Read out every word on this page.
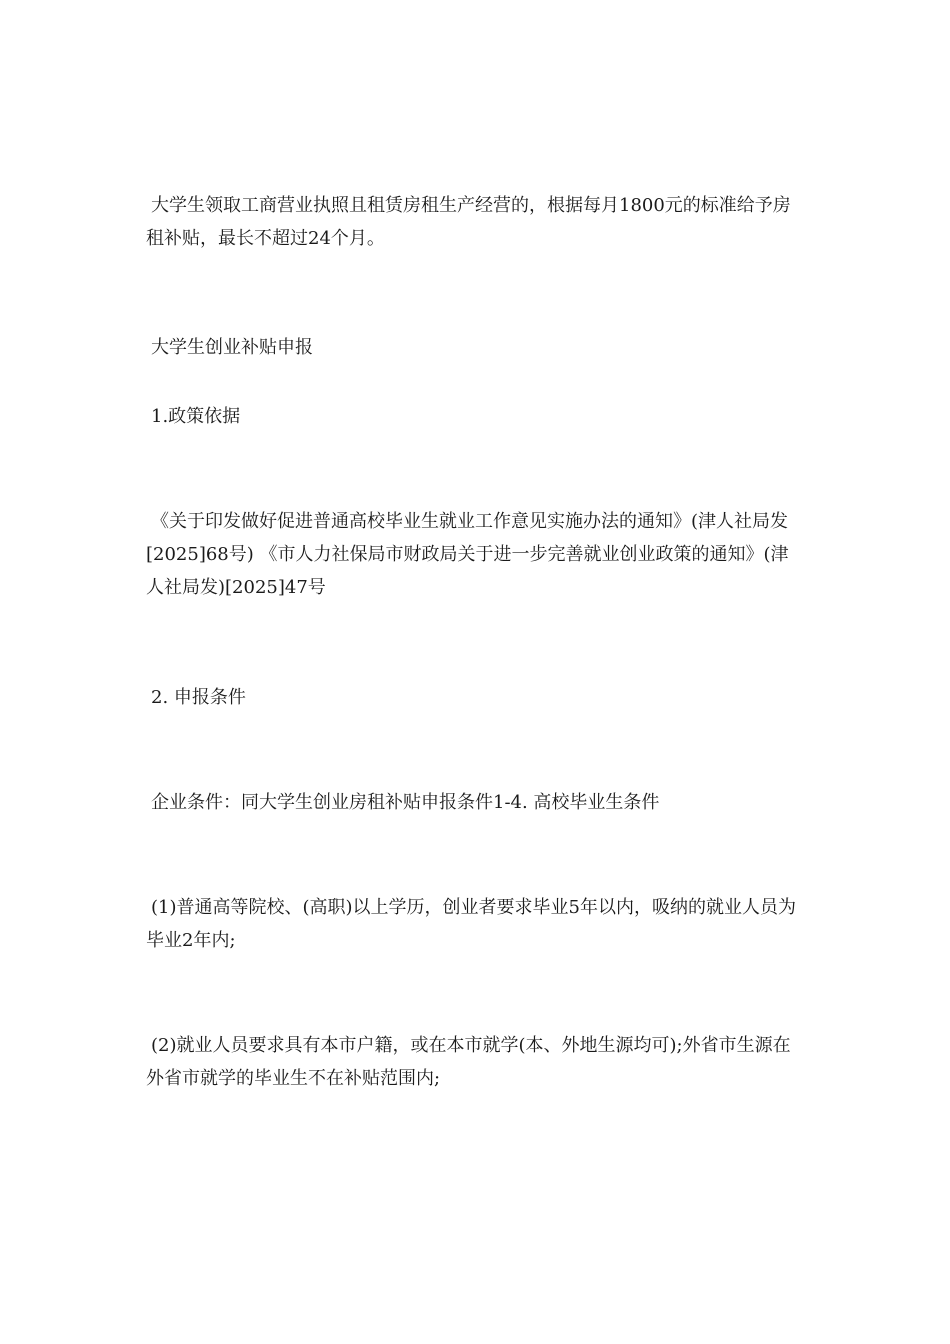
大学生领取工商营业执照且租赁房租生产经营的，根据每月1800元的标准给予房租补贴，最长不超过24个月。

大学生创业补贴申报

1.政策依据

《关于印发做好促进普通高校毕业生就业工作意见实施办法的通知》(津人社局发[2025]68号) 《市人力社保局市财政局关于进一步完善就业创业政策的通知》(津人社局发)[2025]47号

2. 申报条件

企业条件：同大学生创业房租补贴申报条件1-4. 高校毕业生条件

(1)普通高等院校、(高职)以上学历，创业者要求毕业5年以内，吸纳的就业人员为毕业2年内;

(2)就业人员要求具有本市户籍，或在本市就学(本、外地生源均可);外省市生源在外省市就学的毕业生不在补贴范围内;
